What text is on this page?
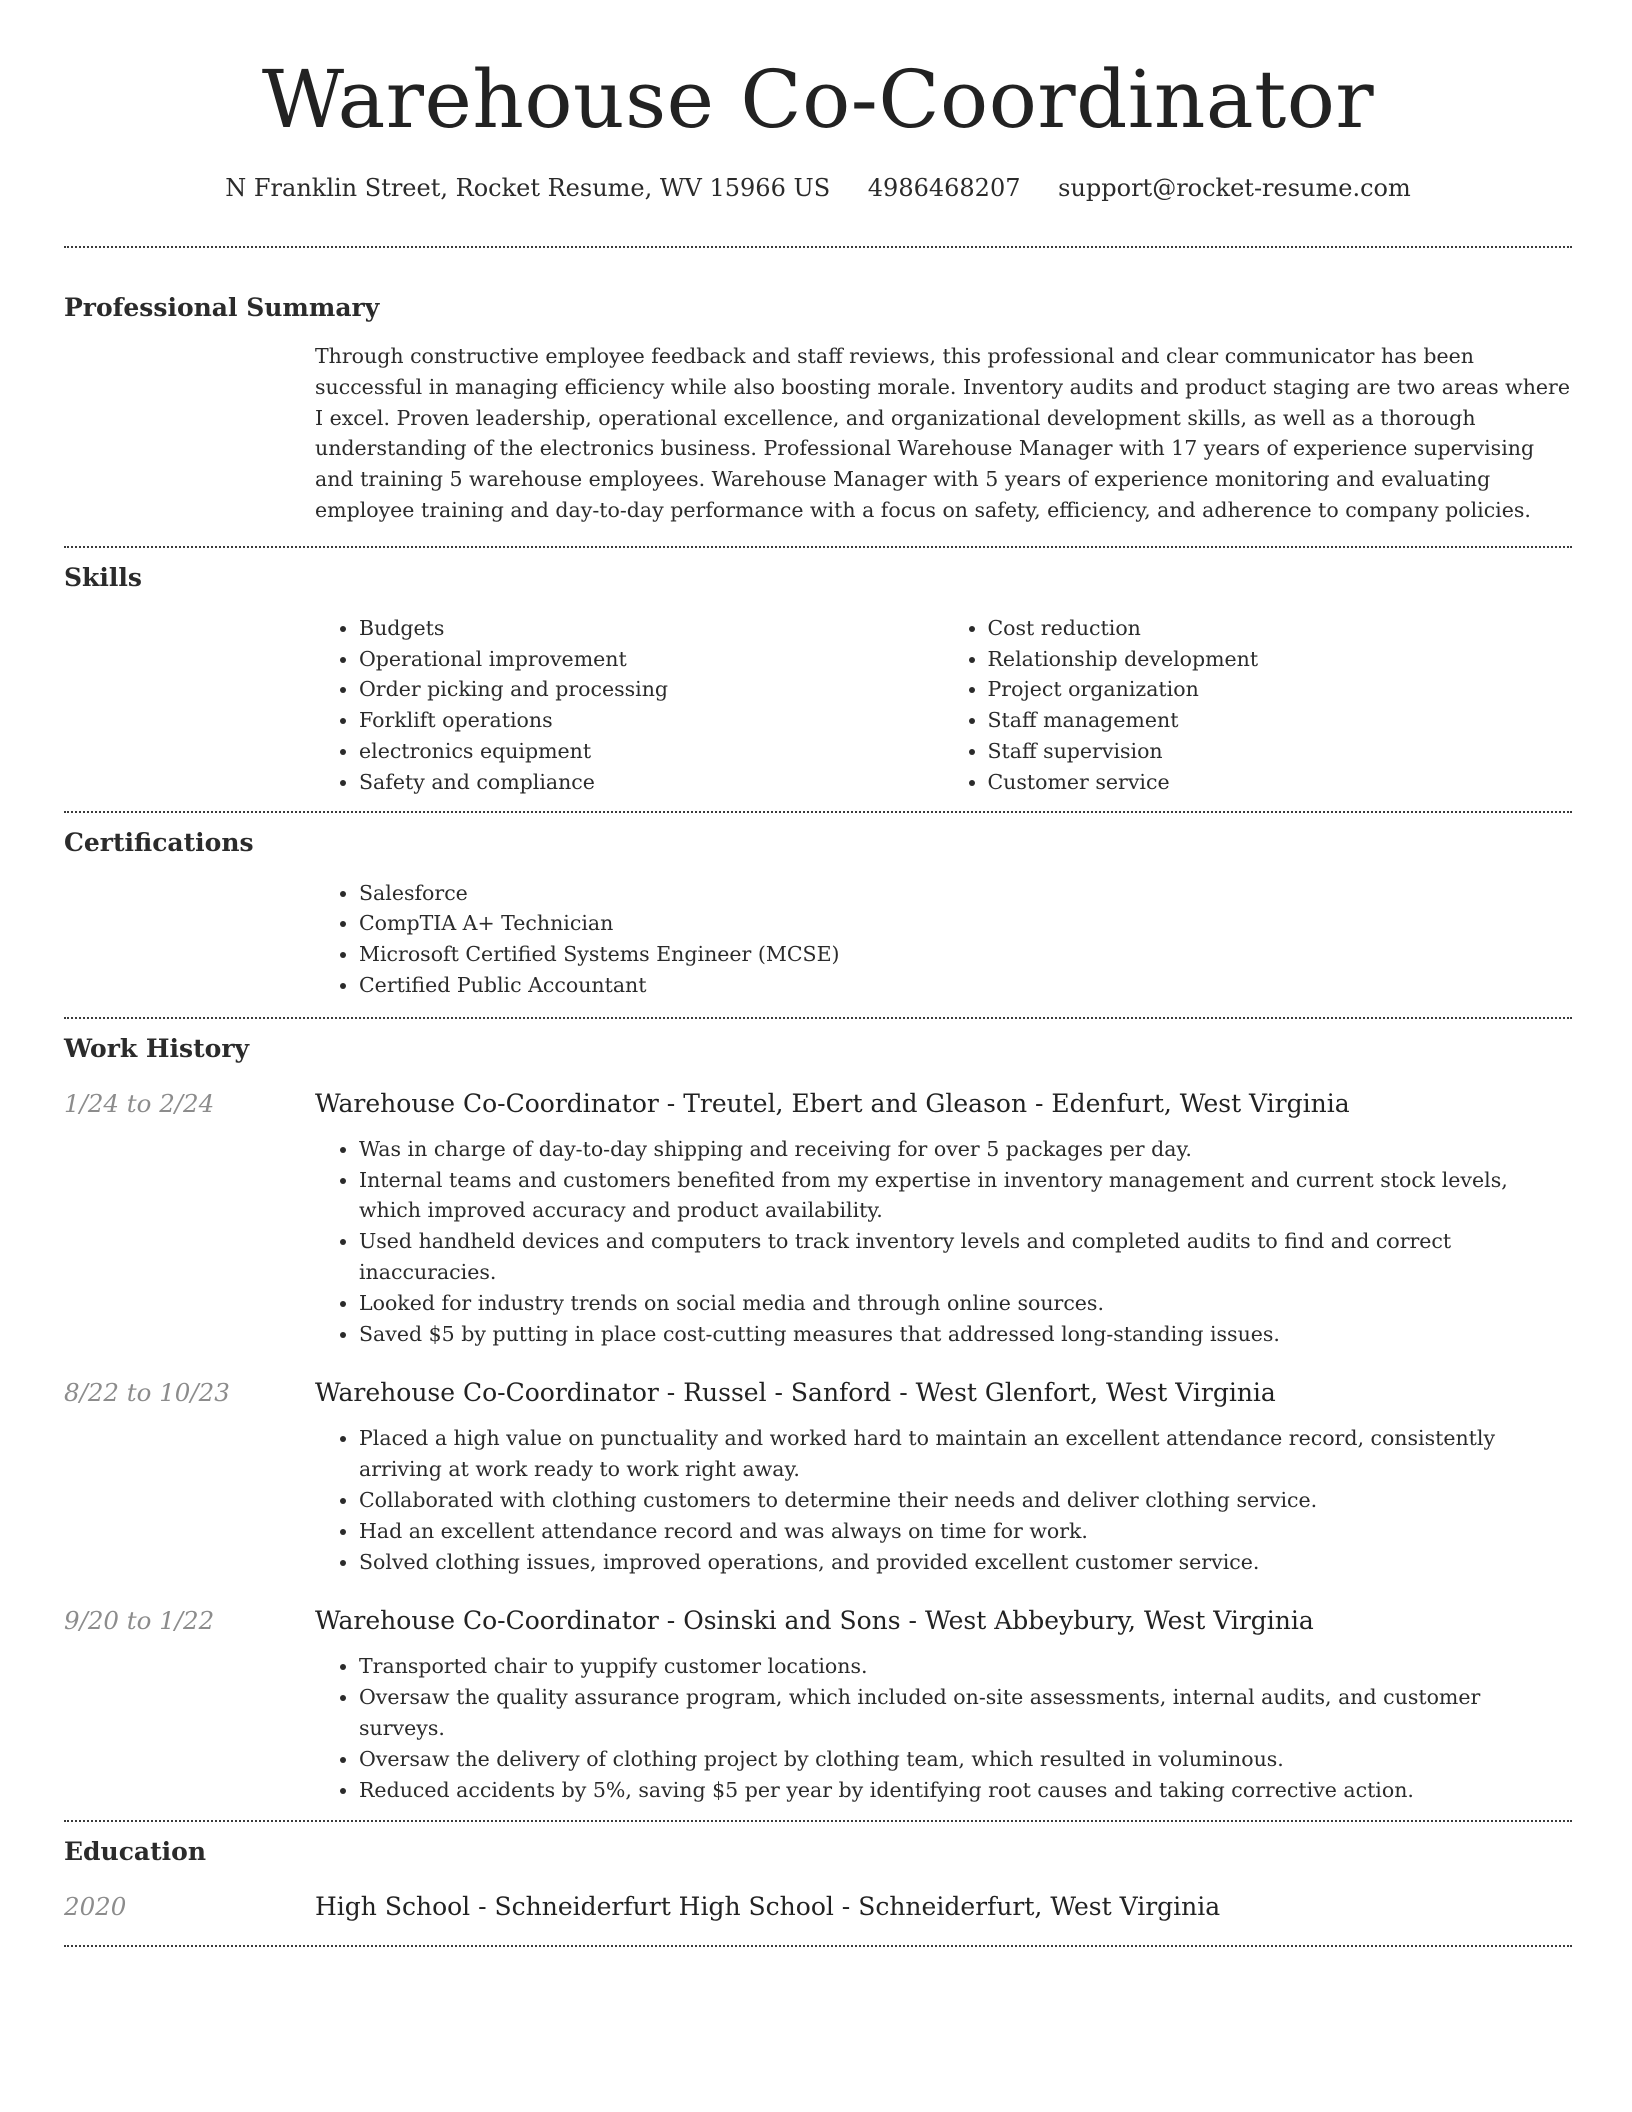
Warehouse Co-Coordinator
N Franklin Street, Rocket Resume, WV 15966 US 4986468207 support@rocket-resume.com
Professional Summary

Through constructive employee feedback and staff reviews, this professional and clear communicator has been successful in managing efficiency while also boosting morale. Inventory audits and product staging are two areas where I excel. Proven leadership, operational excellence, and organizational development skills, as well as a thorough understanding of the electronics business. Professional Warehouse Manager with 17 years of experience supervising and training 5 warehouse employees. Warehouse Manager with 5 years of experience monitoring and evaluating employee training and day-to-day performance with a focus on safety, efficiency, and adherence to company policies.

Skills
• Budgets
• Operational improvement
• Order picking and processing
• Forklift operations
• electronics equipment
• Safety and compliance
• Cost reduction
• Relationship development
• Project organization
• Staff management
• Staff supervision
• Customer service
Certifications
• Salesforce
• CompTIA A+ Technician
• Microsoft Certified Systems Engineer (MCSE)
• Certified Public Accountant
Work History
1/24 to 2/24	Warehouse Co-Coordinator - Treutel, Ebert and Gleason - Edenfurt, West Virginia
• Was in charge of day-to-day shipping and receiving for over 5 packages per day.
• Internal teams and customers benefited from my expertise in inventory management and current stock levels, which improved accuracy and product availability.
• Used handheld devices and computers to track inventory levels and completed audits to find and correct inaccuracies.
• Looked for industry trends on social media and through online sources.
• Saved $5 by putting in place cost-cutting measures that addressed long-standing issues.
8/22 to 10/23	Warehouse Co-Coordinator - Russel - Sanford - West Glenfort, West Virginia
• Placed a high value on punctuality and worked hard to maintain an excellent attendance record, consistently arriving at work ready to work right away.
• Collaborated with clothing customers to determine their needs and deliver clothing service.
• Had an excellent attendance record and was always on time for work.
• Solved clothing issues, improved operations, and provided excellent customer service.
9/20 to 1/22	Warehouse Co-Coordinator - Osinski and Sons - West Abbeybury, West Virginia
• Transported chair to yuppify customer locations.
• Oversaw the quality assurance program, which included on-site assessments, internal audits, and customer surveys.
• Oversaw the delivery of clothing project by clothing team, which resulted in voluminous.
• Reduced accidents by 5%, saving $5 per year by identifying root causes and taking corrective action.
Education
2020	High School - Schneiderfurt High School - Schneiderfurt, West Virginia
